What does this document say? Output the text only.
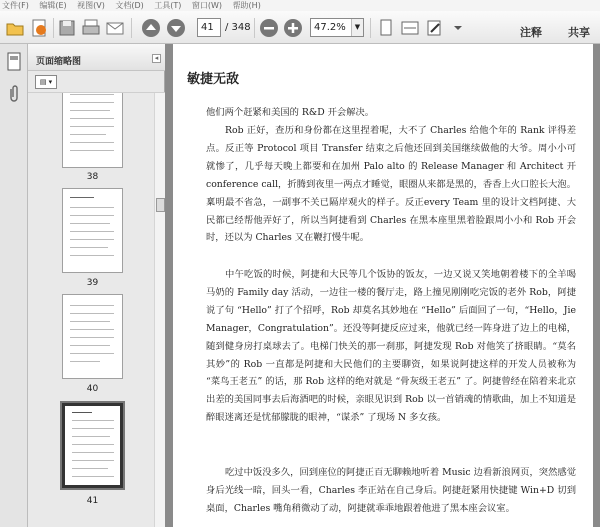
文件(F) 编辑(E) 视图(V) 文档(D) 工具(T) 窗口(W) 帮助(H)
41	/ 348	47.2%	▼	注释 共享
页面缩略图	◂
▤ ▾
38
39
40
41
敏捷无敌
他们两个赶紧和美国的 R&D 开会解决。
Rob 正好，查历和身份都在这里捏着呢，大不了 Charles 给他个年的 Rank 评得差点。反正等 Protocol 项目 Transfer 结束之后他还回到美国继续做他的大爷。周小小可就惨了，几乎每天晚上都要和在加州 Palo alto 的 Release Manager 和 Architect 开 conference call，折腾到夜里一两点才睡觉，眼圈从来都是黑的，香香上火口腔长大泡。稟明最不省急，一副事不关已隔岸观火的样子。反正every Team 里的设计文档阿捷、大民都已经帮他弄好了，所以当阿捷看到 Charles 在黑本座里黑着脸跟周小小和 Rob 开会时，还以为 Charles 又在鞭打慢牛呢。
中午吃饭的时候，阿捷和大民等几个饭协的饭友，一边又说又笑地朝着楼下的全羊喝马奶的 Family day 活动，一边往一楼的餐厅走，路上撞见刚刚吃完饭的老外 Rob，阿捷说了句 “Hello” 打了个招呼，Rob 却莫名其妙地在 “Hello” 后面回了一句，“Hello，Jie Manager，Congratulation”。还没等阿捷反应过来，他就已经一阵身进了边上的电梯，随到健身房打桌球去了。电梯门快关的那一刹那，阿捷发现 Rob 对他笑了挤眼睛。“莫名其妙”的 Rob 一直都是阿捷和大民他们的主要聊资，如果说阿捷这样的开发人员被称为 “菜鸟王老五” 的话，那 Rob 这样的绝对就是 “骨灰级王老五” 了。阿捷曾经在陪着来北京出差的美国同事去后海酒吧的时候，亲眼见识到 Rob 以一首销魂的情歌曲，加上不知道是醉眼迷离还是忧郁朦胧的眼神，“谋杀” 了现场 N 多女孩。
吃过中饭没多久，回到座位的阿捷正百无聊赖地听着 Music 边看新浪网页，突然感觉身后光线一暗，回头一看，Charles 李正站在自己身后。阿捷赶紧用快捷键 Win+D 切到桌面，Charles 嘴角稍微动了动，阿捷就乖乖地跟着他进了黑本座会议室。
